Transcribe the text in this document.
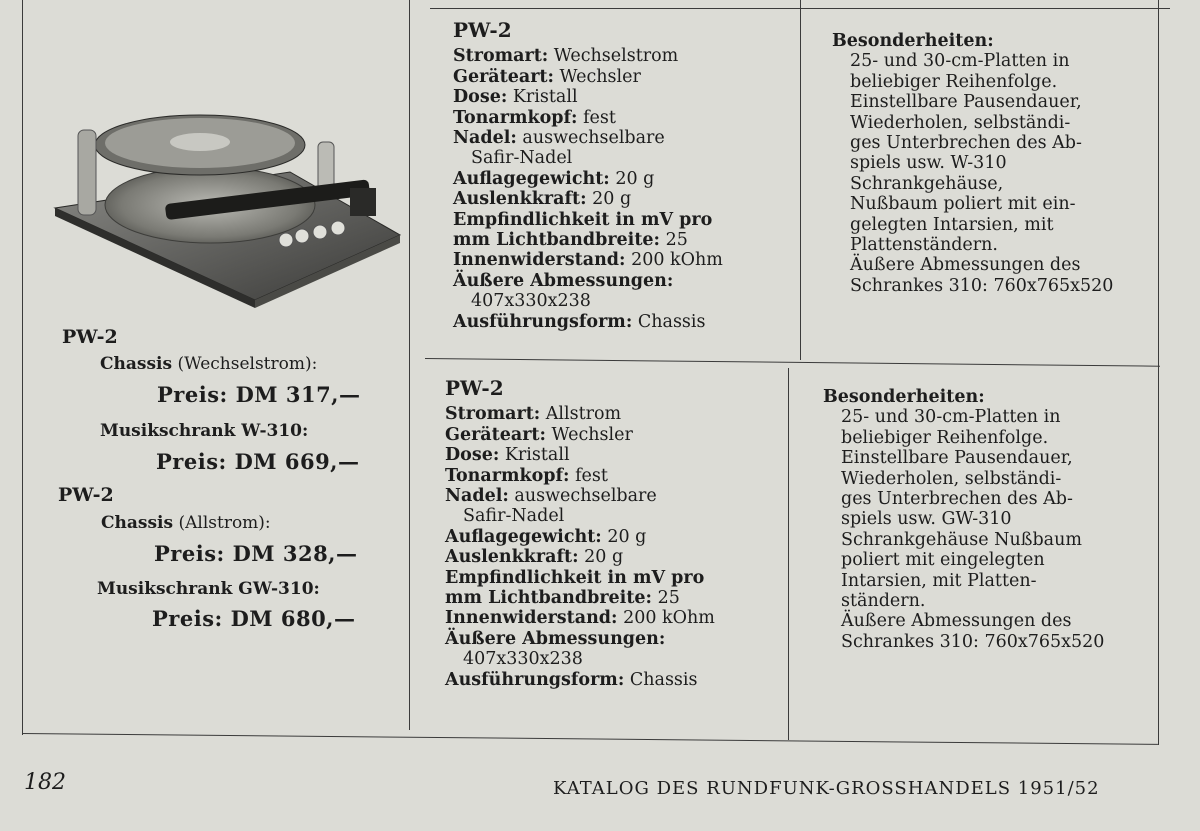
PW-2
Chassis (Wechselstrom):
Preis: DM 317,—
Musikschrank W-310:
Preis: DM 669,—
PW-2
Chassis (Allstrom):
Preis: DM 328,—
Musikschrank GW-310:
Preis: DM 680,—
PW-2
Stromart: Wechselstrom
Geräteart: Wechsler
Dose: Kristall
Tonarmkopf: fest
Nadel: auswechselbare
Safir-Nadel
Auflagegewicht: 20 g
Auslenkkraft: 20 g
Empfindlichkeit in mV pro
mm Lichtbandbreite: 25
Innenwiderstand: 200 kOhm
Äußere Abmessungen:
407x330x238
Ausführungsform: Chassis
PW-2
Stromart: Allstrom
Geräteart: Wechsler
Dose: Kristall
Tonarmkopf: fest
Nadel: auswechselbare
Safir-Nadel
Auflagegewicht: 20 g
Auslenkkraft: 20 g
Empfindlichkeit in mV pro
mm Lichtbandbreite: 25
Innenwiderstand: 200 kOhm
Äußere Abmessungen:
407x330x238
Ausführungsform: Chassis
Besonderheiten:
25- und 30-cm-Platten in
beliebiger Reihenfolge.
Einstellbare Pausendauer,
Wiederholen, selbständi-
ges Unterbrechen des Ab-
spiels usw. W-310
Schrankgehäuse,
Nußbaum poliert mit ein-
gelegten Intarsien, mit
Plattenständern.
Äußere Abmessungen des
Schrankes 310: 760x765x520
Besonderheiten:
25- und 30-cm-Platten in
beliebiger Reihenfolge.
Einstellbare Pausendauer,
Wiederholen, selbständi-
ges Unterbrechen des Ab-
spiels usw. GW-310
Schrankgehäuse Nußbaum
poliert mit eingelegten
Intarsien, mit Platten-
ständern.
Äußere Abmessungen des
Schrankes 310: 760x765x520
182	KATALOG DES RUNDFUNK-GROSSHANDELS 1951/52
